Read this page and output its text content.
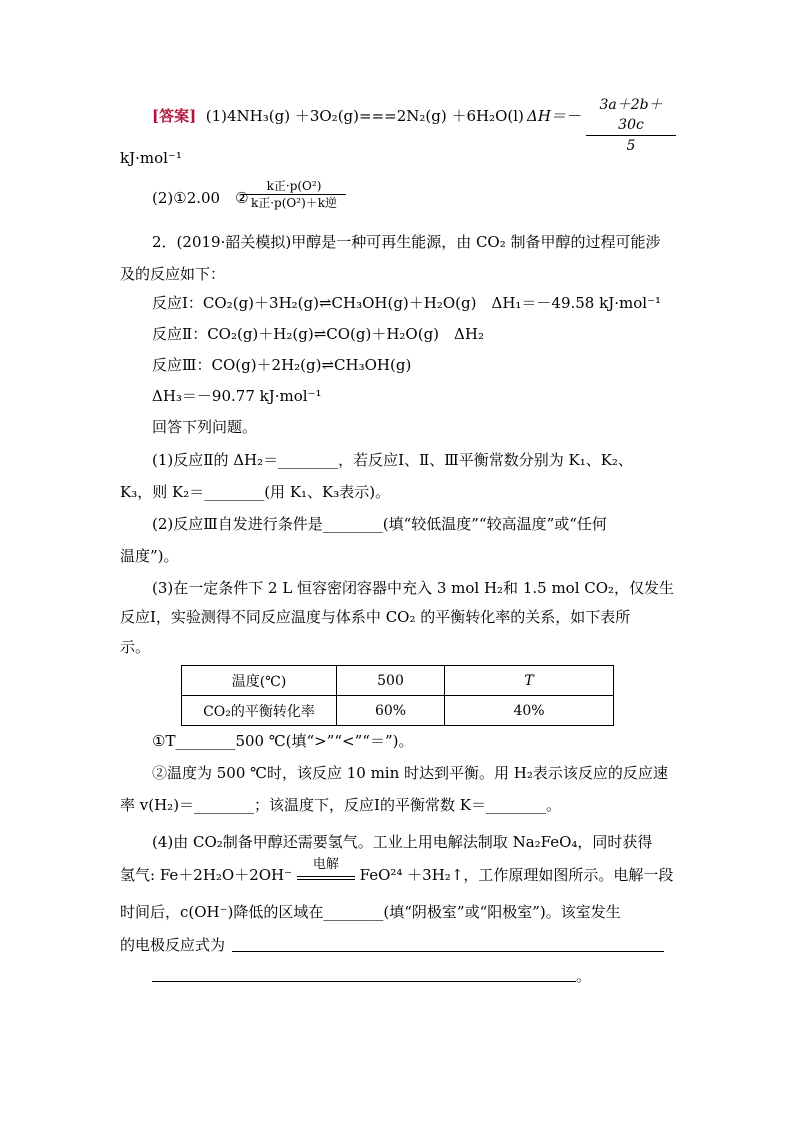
[答案] (1)4NH₃(g) ＋3O₂(g)===2N₂(g) ＋6H₂O(l) $\Delta H=- \frac{3a+2b+30c}{5}$
kJ·mol⁻¹
(2)①2.00　②
k正·p(O²)
k正·p(O²)＋k逆
2．(2019·韶关模拟)甲醇是一种可再生能源，由 CO₂ 制备甲醇的过程可能涉
及的反应如下：
反应Ⅰ：CO₂(g)＋3H₂(g)⇌CH₃OH(g)＋H₂O(g)　ΔH₁＝－49.58 kJ·mol⁻¹
反应Ⅱ：CO₂(g)＋H₂(g)⇌CO(g)＋H₂O(g)　ΔH₂
反应Ⅲ：CO(g)＋2H₂(g)⇌CH₃OH(g)
ΔH₃＝－90.77 kJ·mol⁻¹
回答下列问题。
(1)反应Ⅱ的 ΔH₂＝________，若反应Ⅰ、Ⅱ、Ⅲ平衡常数分别为 K₁、K₂、
K₃，则 K₂＝________(用 K₁、K₃表示)。
(2)反应Ⅲ自发进行条件是________(填“较低温度”“较高温度”或“任何
温度”)。
(3)在一定条件下 2 L 恒容密闭容器中充入 3 mol H₂和 1.5 mol CO₂，仅发生
反应Ⅰ，实验测得不同反应温度与体系中 CO₂ 的平衡转化率的关系，如下表所
示。
温度(℃)	500	T
CO₂的平衡转化率	60%	40%
①T________500 ℃(填“>”“<”“＝”)。
②温度为 500 ℃时，该反应 10 min 时达到平衡。用 H₂表示该反应的反应速
率 v(H₂)＝________；该温度下，反应Ⅰ的平衡常数 K＝________。
(4)由 CO₂制备甲醇还需要氢气。工业上用电解法制取 Na₂FeO₄，同时获得
氢气: Fe＋2H₂O＋2OH⁻
电解
FeO²⁴ ＋3H₂↑，工作原理如图所示。电解一段
时间后，c(OH⁻)降低的区域在________(填“阴极室”或“阳极室”)。该室发生
的电极反应式为
。
